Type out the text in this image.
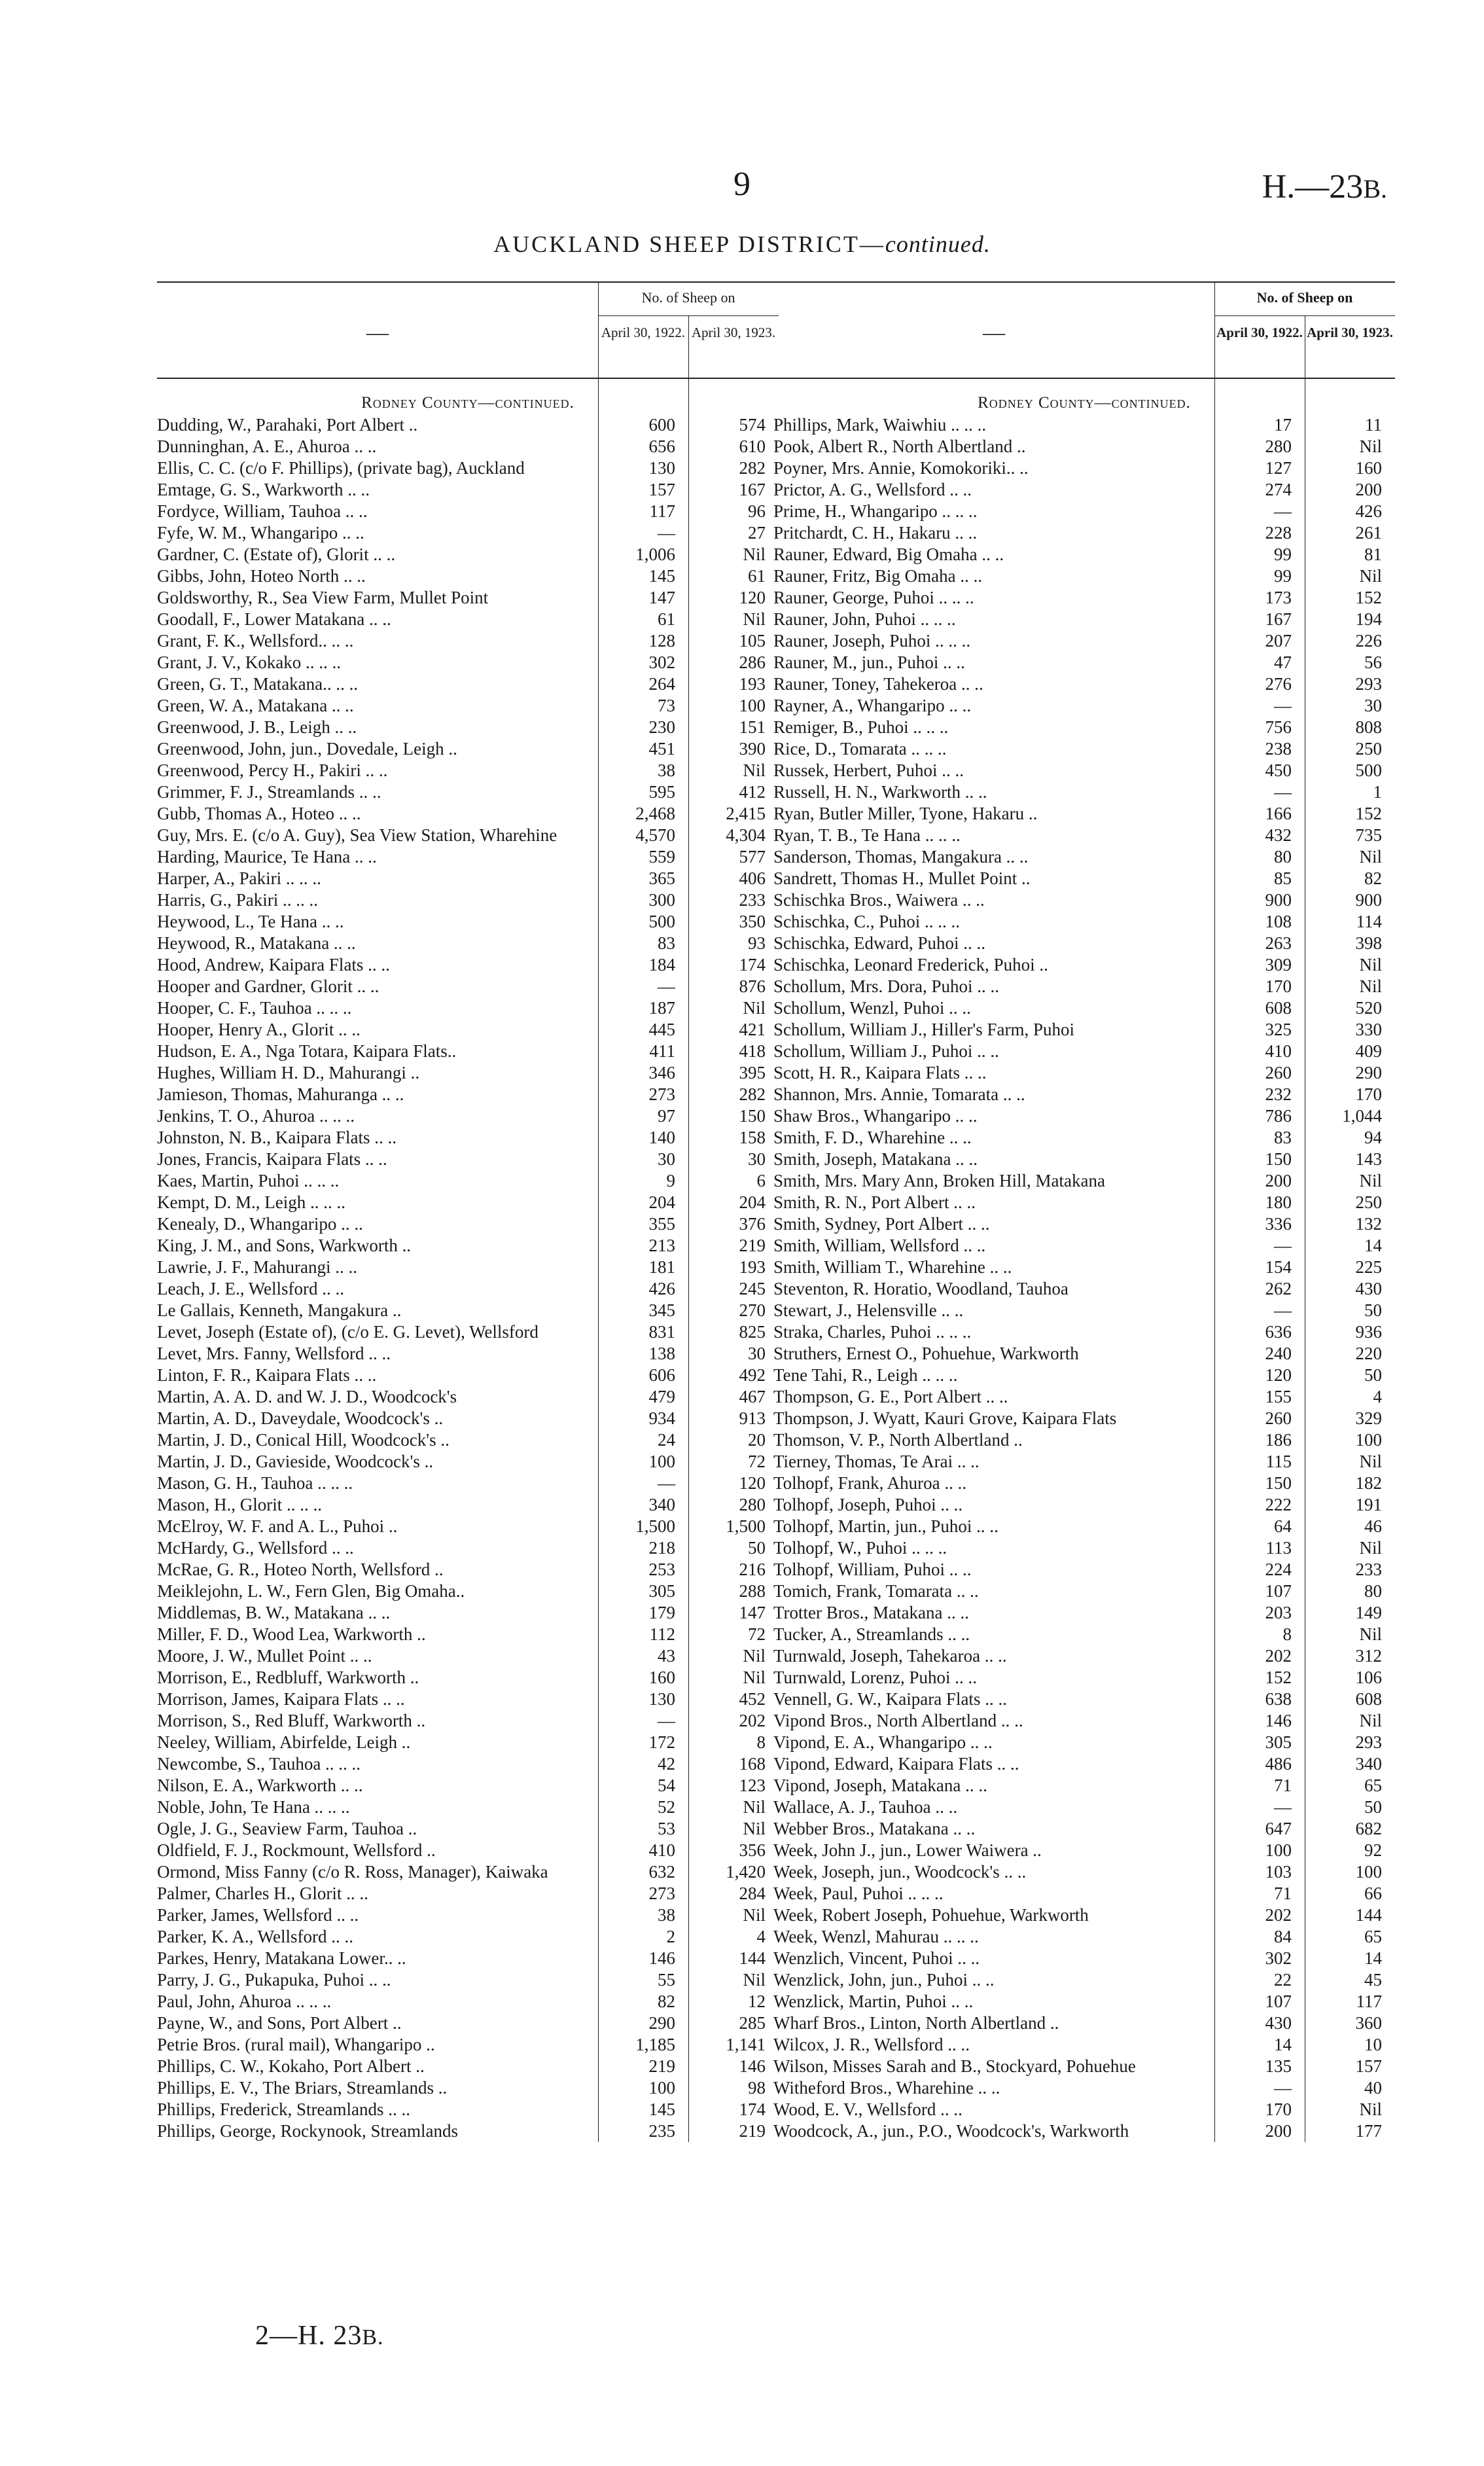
9	H.—23B.
AUCKLAND SHEEP DISTRICT—continued.
—
No. of Sheep on
April 30, 1922. April 30, 1923.
Rodney County—continued.
Dudding, W., Parahaki, Port Albert ..	600	574
Dunninghan, A. E., Ahuroa .. ..	656	610
Ellis, C. C. (c/o F. Phillips), (private bag), Auckland	130	282
Emtage, G. S., Warkworth .. ..	157	167
Fordyce, William, Tauhoa .. ..	117	96
Fyfe, W. M., Whangaripo .. ..	—	27
Gardner, C. (Estate of), Glorit .. ..	1,006	Nil
Gibbs, John, Hoteo North .. ..	145	61
Goldsworthy, R., Sea View Farm, Mullet Point	147	120
Goodall, F., Lower Matakana .. ..	61	Nil
Grant, F. K., Wellsford.. .. ..	128	105
Grant, J. V., Kokako .. .. ..	302	286
Green, G. T., Matakana.. .. ..	264	193
Green, W. A., Matakana .. ..	73	100
Greenwood, J. B., Leigh .. ..	230	151
Greenwood, John, jun., Dovedale, Leigh ..	451	390
Greenwood, Percy H., Pakiri .. ..	38	Nil
Grimmer, F. J., Streamlands .. ..	595	412
Gubb, Thomas A., Hoteo .. ..	2,468	2,415
Guy, Mrs. E. (c/o A. Guy), Sea View Station, Wharehine	4,570	4,304
Harding, Maurice, Te Hana .. ..	559	577
Harper, A., Pakiri .. .. ..	365	406
Harris, G., Pakiri .. .. ..	300	233
Heywood, L., Te Hana .. ..	500	350
Heywood, R., Matakana .. ..	83	93
Hood, Andrew, Kaipara Flats .. ..	184	174
Hooper and Gardner, Glorit .. ..	—	876
Hooper, C. F., Tauhoa .. .. ..	187	Nil
Hooper, Henry A., Glorit .. ..	445	421
Hudson, E. A., Nga Totara, Kaipara Flats..	411	418
Hughes, William H. D., Mahurangi ..	346	395
Jamieson, Thomas, Mahuranga .. ..	273	282
Jenkins, T. O., Ahuroa .. .. ..	97	150
Johnston, N. B., Kaipara Flats .. ..	140	158
Jones, Francis, Kaipara Flats .. ..	30	30
Kaes, Martin, Puhoi .. .. ..	9	6
Kempt, D. M., Leigh .. .. ..	204	204
Kenealy, D., Whangaripo .. ..	355	376
King, J. M., and Sons, Warkworth ..	213	219
Lawrie, J. F., Mahurangi .. ..	181	193
Leach, J. E., Wellsford .. ..	426	245
Le Gallais, Kenneth, Mangakura ..	345	270
Levet, Joseph (Estate of), (c/o E. G. Levet), Wellsford	831	825
Levet, Mrs. Fanny, Wellsford .. ..	138	30
Linton, F. R., Kaipara Flats .. ..	606	492
Martin, A. A. D. and W. J. D., Woodcock's	479	467
Martin, A. D., Daveydale, Woodcock's ..	934	913
Martin, J. D., Conical Hill, Woodcock's ..	24	20
Martin, J. D., Gavieside, Woodcock's ..	100	72
Mason, G. H., Tauhoa .. .. ..	—	120
Mason, H., Glorit .. .. ..	340	280
McElroy, W. F. and A. L., Puhoi ..	1,500	1,500
McHardy, G., Wellsford .. ..	218	50
McRae, G. R., Hoteo North, Wellsford ..	253	216
Meiklejohn, L. W., Fern Glen, Big Omaha..	305	288
Middlemas, B. W., Matakana .. ..	179	147
Miller, F. D., Wood Lea, Warkworth ..	112	72
Moore, J. W., Mullet Point .. ..	43	Nil
Morrison, E., Redbluff, Warkworth ..	160	Nil
Morrison, James, Kaipara Flats .. ..	130	452
Morrison, S., Red Bluff, Warkworth ..	—	202
Neeley, William, Abirfelde, Leigh ..	172	8
Newcombe, S., Tauhoa .. .. ..	42	168
Nilson, E. A., Warkworth .. ..	54	123
Noble, John, Te Hana .. .. ..	52	Nil
Ogle, J. G., Seaview Farm, Tauhoa ..	53	Nil
Oldfield, F. J., Rockmount, Wellsford ..	410	356
Ormond, Miss Fanny (c/o R. Ross, Manager), Kaiwaka	632	1,420
Palmer, Charles H., Glorit .. ..	273	284
Parker, James, Wellsford .. ..	38	Nil
Parker, K. A., Wellsford .. ..	2	4
Parkes, Henry, Matakana Lower.. ..	146	144
Parry, J. G., Pukapuka, Puhoi .. ..	55	Nil
Paul, John, Ahuroa .. .. ..	82	12
Payne, W., and Sons, Port Albert ..	290	285
Petrie Bros. (rural mail), Whangaripo ..	1,185	1,141
Phillips, C. W., Kokaho, Port Albert ..	219	146
Phillips, E. V., The Briars, Streamlands ..	100	98
Phillips, Frederick, Streamlands .. ..	145	174
Phillips, George, Rockynook, Streamlands	235	219
—
No. of Sheep on
April 30, 1922. April 30, 1923.
Rodney County—continued.
Phillips, Mark, Waiwhiu .. .. ..	17	11
Pook, Albert R., North Albertland ..	280	Nil
Poyner, Mrs. Annie, Komokoriki.. ..	127	160
Prictor, A. G., Wellsford .. ..	274	200
Prime, H., Whangaripo .. .. ..	—	426
Pritchardt, C. H., Hakaru .. ..	228	261
Rauner, Edward, Big Omaha .. ..	99	81
Rauner, Fritz, Big Omaha .. ..	99	Nil
Rauner, George, Puhoi .. .. ..	173	152
Rauner, John, Puhoi .. .. ..	167	194
Rauner, Joseph, Puhoi .. .. ..	207	226
Rauner, M., jun., Puhoi .. ..	47	56
Rauner, Toney, Tahekeroa .. ..	276	293
Rayner, A., Whangaripo .. ..	—	30
Remiger, B., Puhoi .. .. ..	756	808
Rice, D., Tomarata .. .. ..	238	250
Russek, Herbert, Puhoi .. ..	450	500
Russell, H. N., Warkworth .. ..	—	1
Ryan, Butler Miller, Tyone, Hakaru ..	166	152
Ryan, T. B., Te Hana .. .. ..	432	735
Sanderson, Thomas, Mangakura .. ..	80	Nil
Sandrett, Thomas H., Mullet Point ..	85	82
Schischka Bros., Waiwera .. ..	900	900
Schischka, C., Puhoi .. .. ..	108	114
Schischka, Edward, Puhoi .. ..	263	398
Schischka, Leonard Frederick, Puhoi ..	309	Nil
Schollum, Mrs. Dora, Puhoi .. ..	170	Nil
Schollum, Wenzl, Puhoi .. ..	608	520
Schollum, William J., Hiller's Farm, Puhoi	325	330
Schollum, William J., Puhoi .. ..	410	409
Scott, H. R., Kaipara Flats .. ..	260	290
Shannon, Mrs. Annie, Tomarata .. ..	232	170
Shaw Bros., Whangaripo .. ..	786	1,044
Smith, F. D., Wharehine .. ..	83	94
Smith, Joseph, Matakana .. ..	150	143
Smith, Mrs. Mary Ann, Broken Hill, Matakana	200	Nil
Smith, R. N., Port Albert .. ..	180	250
Smith, Sydney, Port Albert .. ..	336	132
Smith, William, Wellsford .. ..	—	14
Smith, William T., Wharehine .. ..	154	225
Steventon, R. Horatio, Woodland, Tauhoa	262	430
Stewart, J., Helensville .. ..	—	50
Straka, Charles, Puhoi .. .. ..	636	936
Struthers, Ernest O., Pohuehue, Warkworth	240	220
Tene Tahi, R., Leigh .. .. ..	120	50
Thompson, G. E., Port Albert .. ..	155	4
Thompson, J. Wyatt, Kauri Grove, Kaipara Flats	260	329
Thomson, V. P., North Albertland ..	186	100
Tierney, Thomas, Te Arai .. ..	115	Nil
Tolhopf, Frank, Ahuroa .. ..	150	182
Tolhopf, Joseph, Puhoi .. ..	222	191
Tolhopf, Martin, jun., Puhoi .. ..	64	46
Tolhopf, W., Puhoi .. .. ..	113	Nil
Tolhopf, William, Puhoi .. ..	224	233
Tomich, Frank, Tomarata .. ..	107	80
Trotter Bros., Matakana .. ..	203	149
Tucker, A., Streamlands .. ..	8	Nil
Turnwald, Joseph, Tahekaroa .. ..	202	312
Turnwald, Lorenz, Puhoi .. ..	152	106
Vennell, G. W., Kaipara Flats .. ..	638	608
Vipond Bros., North Albertland .. ..	146	Nil
Vipond, E. A., Whangaripo .. ..	305	293
Vipond, Edward, Kaipara Flats .. ..	486	340
Vipond, Joseph, Matakana .. ..	71	65
Wallace, A. J., Tauhoa .. ..	—	50
Webber Bros., Matakana .. ..	647	682
Week, John J., jun., Lower Waiwera ..	100	92
Week, Joseph, jun., Woodcock's .. ..	103	100
Week, Paul, Puhoi .. .. ..	71	66
Week, Robert Joseph, Pohuehue, Warkworth	202	144
Week, Wenzl, Mahurau .. .. ..	84	65
Wenzlich, Vincent, Puhoi .. ..	302	14
Wenzlick, John, jun., Puhoi .. ..	22	45
Wenzlick, Martin, Puhoi .. ..	107	117
Wharf Bros., Linton, North Albertland ..	430	360
Wilcox, J. R., Wellsford .. ..	14	10
Wilson, Misses Sarah and B., Stockyard, Pohuehue	135	157
Witheford Bros., Wharehine .. ..	—	40
Wood, E. V., Wellsford .. ..	170	Nil
Woodcock, A., jun., P.O., Woodcock's, Warkworth	200	177
2—H. 23B.
